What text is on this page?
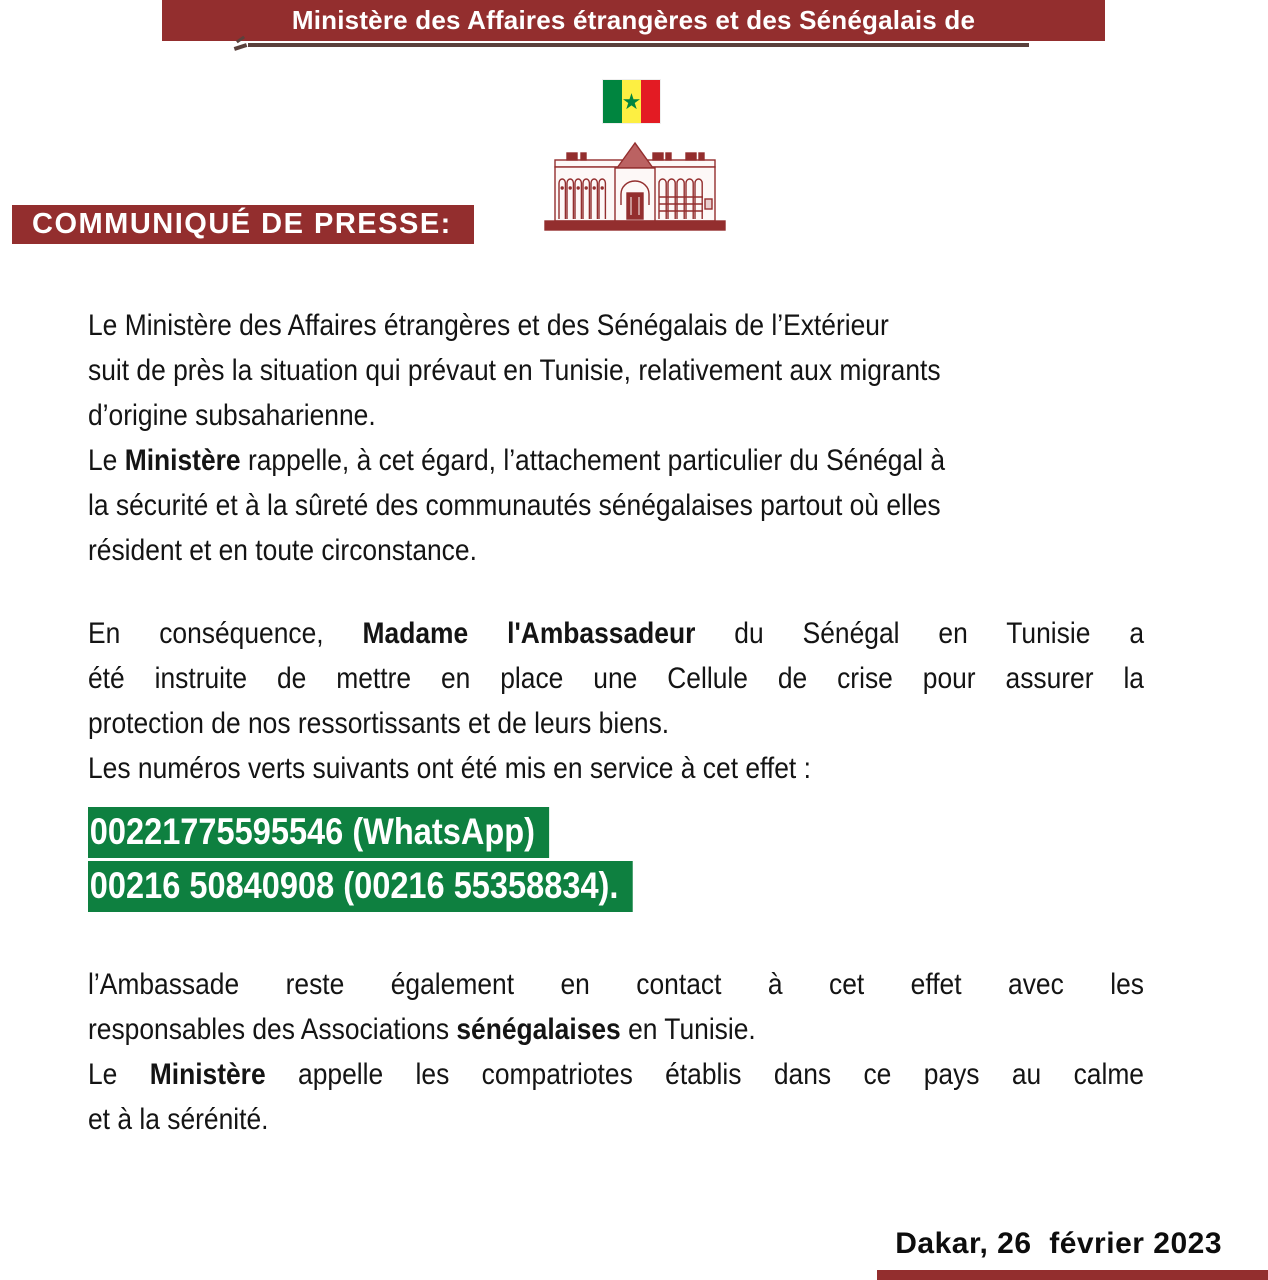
Ministère des Affaires étrangères et des Sénégalais de
★
COMMUNIQUÉ DE PRESSE:
Le Ministère des Affaires étrangères et des Sénégalais de l’Extérieur
suit de près la situation qui prévaut en Tunisie, relativement aux migrants
d’origine subsaharienne.
Le Ministère rappelle, à cet égard, l’attachement particulier du Sénégal à
la sécurité et à la sûreté des communautés sénégalaises partout où elles
résident et en toute circonstance.
En conséquence, Madame l'Ambassadeur du Sénégal en Tunisie a
été instruite de mettre en place une Cellule de crise pour assurer la
protection de nos ressortissants et de leurs biens.
Les numéros verts suivants ont été mis en service à cet effet :
00221775595546 (WhatsApp)
00216 50840908 (00216 55358834).
l’Ambassade reste également en contact à cet effet avec les
responsables des Associations sénégalaises en Tunisie.
Le Ministère appelle les compatriotes établis dans ce pays au calme
et à la sérénité.
Dakar, 26  février 2023
